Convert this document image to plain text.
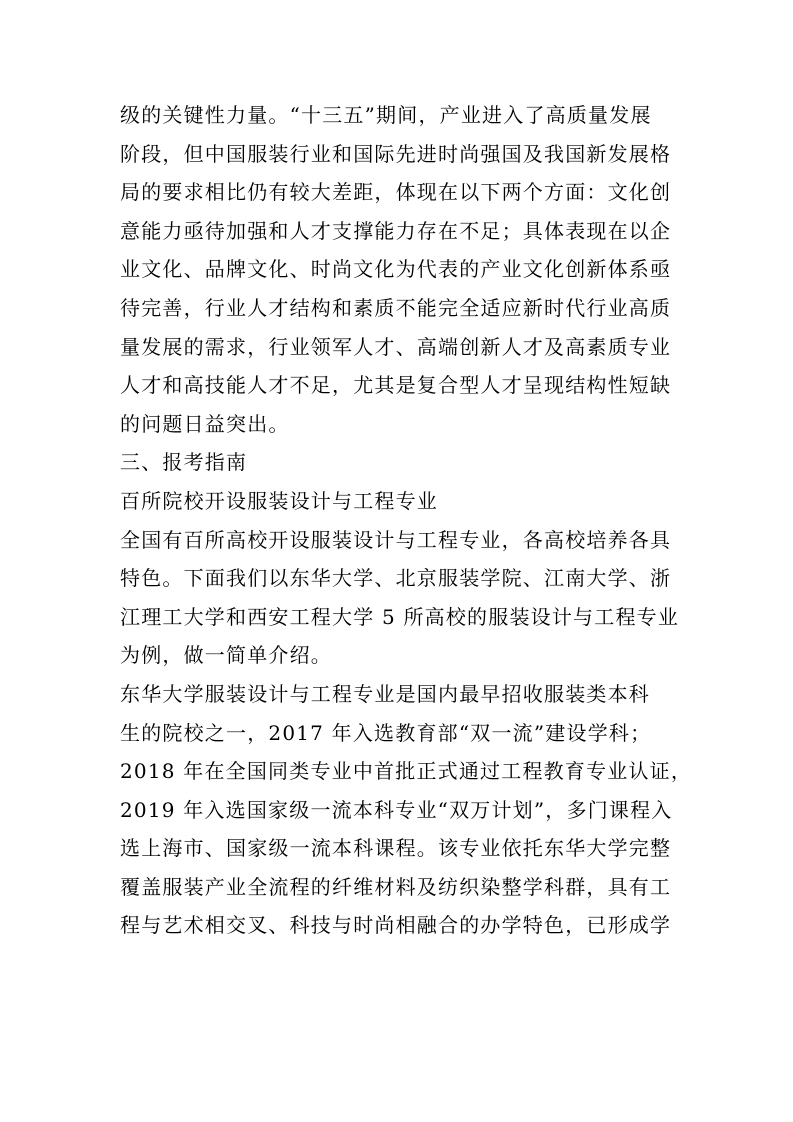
级的关键性力量。“十三五”期间，产业进入了高质量发展
阶段，但中国服装行业和国际先进时尚强国及我国新发展格
局的要求相比仍有较大差距，体现在以下两个方面：文化创
意能力亟待加强和人才支撑能力存在不足；具体表现在以企
业文化、品牌文化、时尚文化为代表的产业文化创新体系亟
待完善，行业人才结构和素质不能完全适应新时代行业高质
量发展的需求，行业领军人才、高端创新人才及高素质专业
人才和高技能人才不足，尤其是复合型人才呈现结构性短缺
的问题日益突出。
三、报考指南
百所院校开设服装设计与工程专业
全国有百所高校开设服装设计与工程专业，各高校培养各具
特色。下面我们以东华大学、北京服装学院、江南大学、浙
江理工大学和西安工程大学 5 所高校的服装设计与工程专业
为例，做一简单介绍。
东华大学服装设计与工程专业是国内最早招收服装类本科
生的院校之一，2017 年入选教育部“双一流”建设学科；
2018 年在全国同类专业中首批正式通过工程教育专业认证，
2019 年入选国家级一流本科专业“双万计划”，多门课程入
选上海市、国家级一流本科课程。该专业依托东华大学完整
覆盖服装产业全流程的纤维材料及纺织染整学科群，具有工
程与艺术相交叉、科技与时尚相融合的办学特色，已形成学
